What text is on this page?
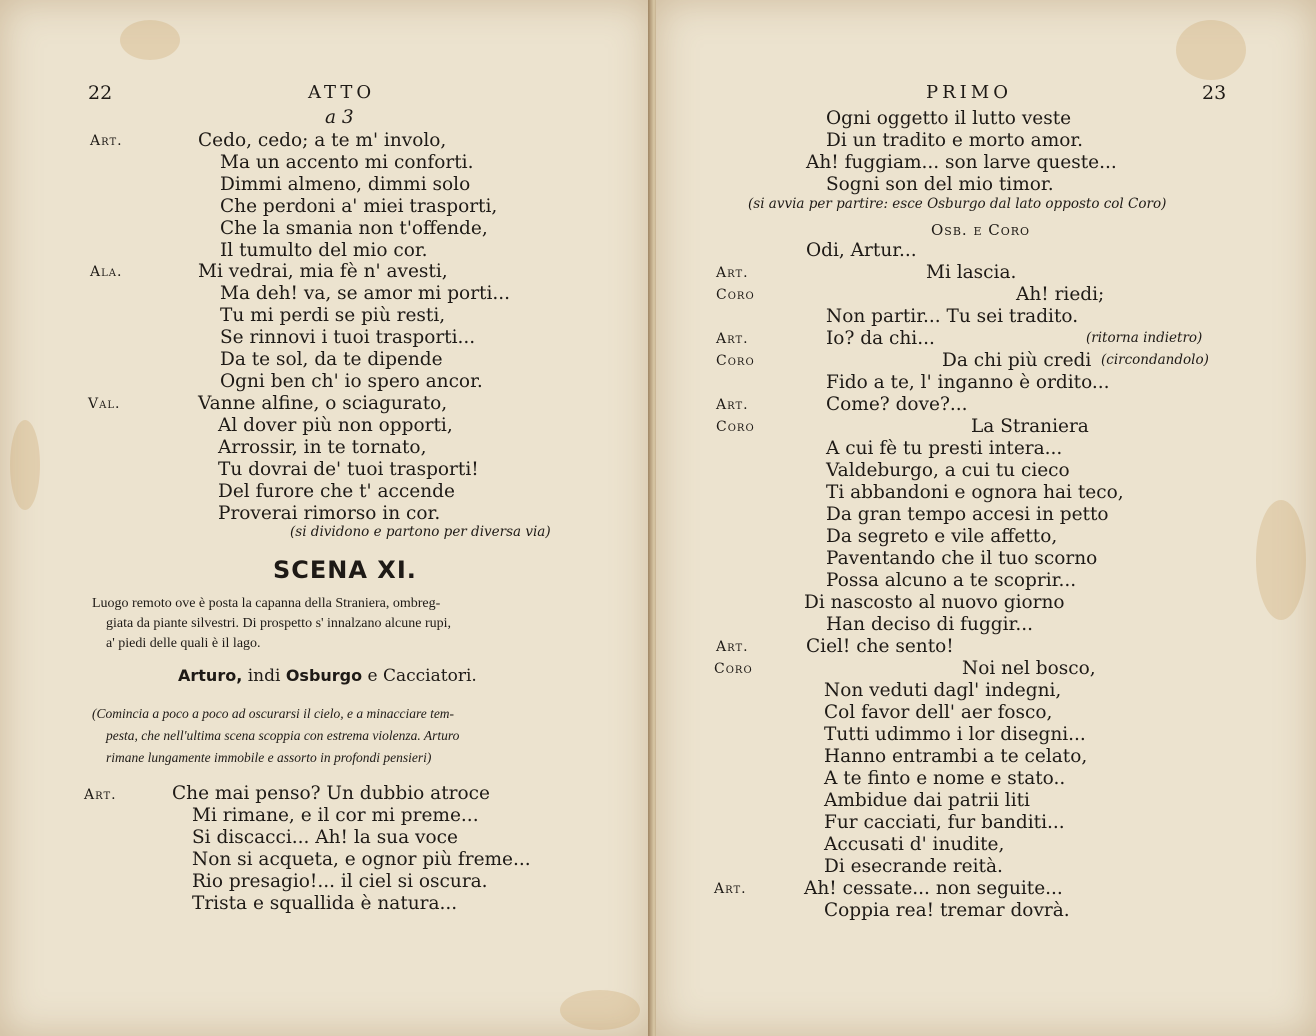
22	ATTO
a 3
Art.	Cedo, cedo; a te m' involo,
Ma un accento mi conforti.
Dimmi almeno, dimmi solo
Che perdoni a' miei trasporti,
Che la smania non t'offende,
Il tumulto del mio cor.
Ala.	Mi vedrai, mia fè n' avesti,
Ma deh! va, se amor mi porti...
Tu mi perdi se più resti,
Se rinnovi i tuoi trasporti...
Da te sol, da te dipende
Ogni ben ch' io spero ancor.
Val.	Vanne alfine, o sciagurato,
Al dover più non opporti,
Arrossir, in te tornato,
Tu dovrai de' tuoi trasporti!
Del furore che t' accende
Proverai rimorso in cor.
(si dividono e partono per diversa via)
SCENA XI.
Luogo remoto ove è posta la capanna della Straniera, ombreg-
giata da piante silvestri. Di prospetto s' innalzano alcune rupi,
a' piedi delle quali è il lago.
Arturo, indi Osburgo e Cacciatori.
(Comincia a poco a poco ad oscurarsi il cielo, e a minacciare tem-
pesta, che nell'ultima scena scoppia con estrema violenza. Arturo
rimane lungamente immobile e assorto in profondi pensieri)
Art.	Che mai penso? Un dubbio atroce
Mi rimane, e il cor mi preme...
Si discacci... Ah! la sua voce
Non si acqueta, e ognor più freme...
Rio presagio!... il ciel si oscura.
Trista e squallida è natura...
PRIMO	23
Ogni oggetto il lutto veste
Di un tradito e morto amor.
Ah! fuggiam... son larve queste...
Sogni son del mio timor.
(si avvia per partire: esce Osburgo dal lato opposto col Coro)
Osb. e Coro
Odi, Artur...
Art.	Mi lascia.
Coro	Ah! riedi;
Non partir... Tu sei tradito.
Art.	Io? da chi...	(ritorna indietro)
Coro	Da chi più credi (circondandolo)
Fido a te, l' inganno è ordito...
Art.	Come? dove?...
Coro	La Straniera
A cui fè tu presti intera...
Valdeburgo, a cui tu cieco
Ti abbandoni e ognora hai teco,
Da gran tempo accesi in petto
Da segreto e vile affetto,
Paventando che il tuo scorno
Possa alcuno a te scoprir...
Di nascosto al nuovo giorno
Han deciso di fuggir...
Art.	Ciel! che sento!
Coro	Noi nel bosco,
Non veduti dagl' indegni,
Col favor dell' aer fosco,
Tutti udimmo i lor disegni...
Hanno entrambi a te celato,
A te finto e nome e stato..
Ambidue dai patrii liti
Fur cacciati, fur banditi...
Accusati d' inudite,
Di esecrande reità.
Art.	Ah! cessate... non seguite...
Coppia rea! tremar dovrà.
